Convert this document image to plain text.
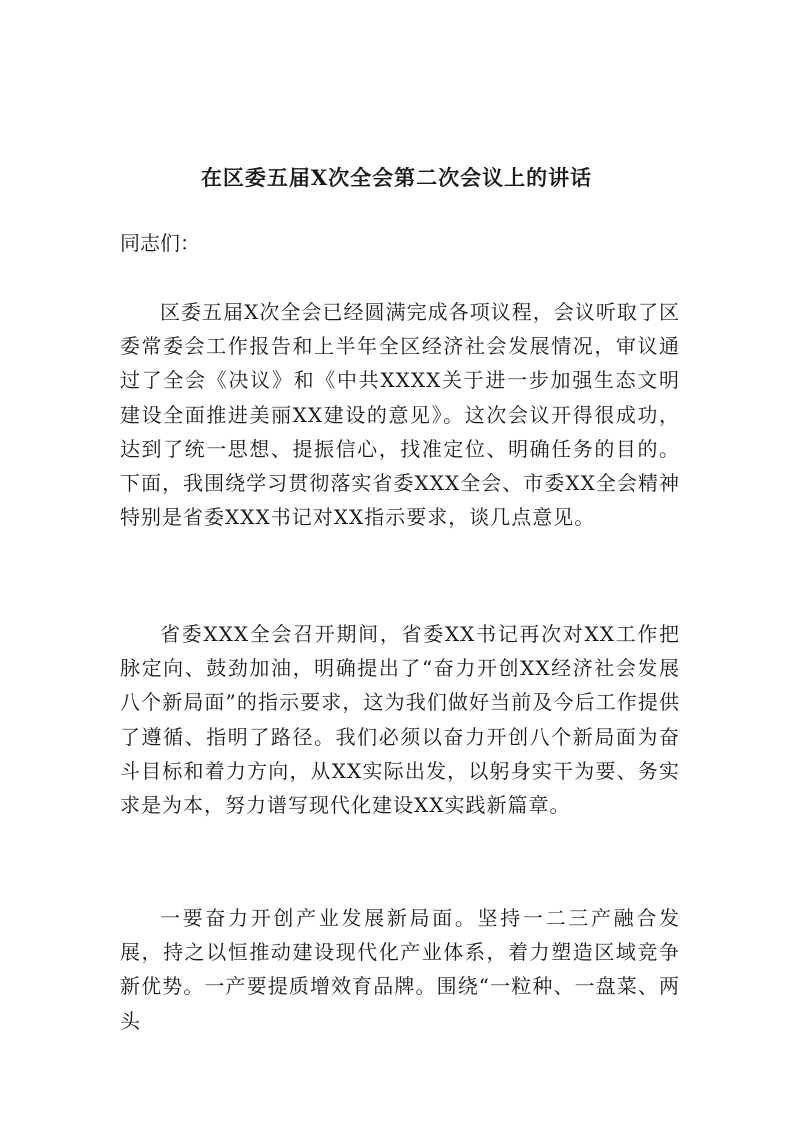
在区委五届X次全会第二次会议上的讲话

同志们：

区委五届X次全会已经圆满完成各项议程，会议听取了区委常委会工作报告和上半年全区经济社会发展情况，审议通过了全会《决议》和《中共XXXX关于进一步加强生态文明建设全面推进美丽XX建设的意见》。这次会议开得很成功，达到了统一思想、提振信心，找准定位、明确任务的目的。下面，我围绕学习贯彻落实省委XXX全会、市委XX全会精神特别是省委XXX书记对XX指示要求，谈几点意见。

省委XXX全会召开期间，省委XX书记再次对XX工作把脉定向、鼓劲加油，明确提出了“奋力开创XX经济社会发展八个新局面”的指示要求，这为我们做好当前及今后工作提供了遵循、指明了路径。我们必须以奋力开创八个新局面为奋斗目标和着力方向，从XX实际出发，以躬身实干为要、务实求是为本，努力谱写现代化建设XX实践新篇章。

一要奋力开创产业发展新局面。坚持一二三产融合发展，持之以恒推动建设现代化产业体系，着力塑造区域竞争新优势。一产要提质增效育品牌。围绕“一粒种、一盘菜、两头
